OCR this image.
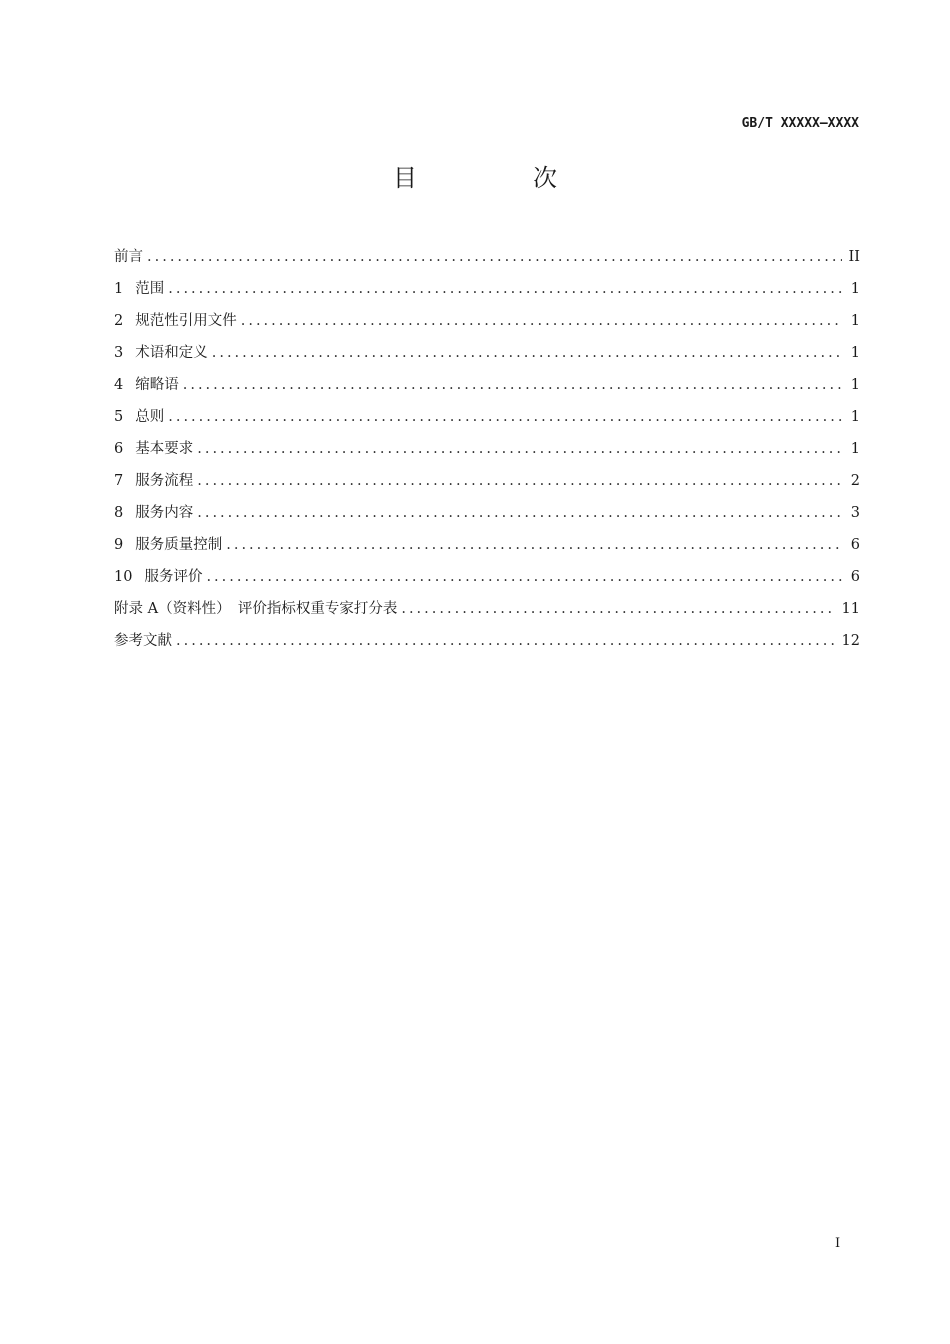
GB/T XXXXX—XXXX
目　次
前言 .....	II
1 范围 .....	1
2 规范性引用文件 .....	1
3 术语和定义 .....	1
4 缩略语 .....	1
5 总则 .....	1
6 基本要求 .....	1
7 服务流程 .....	2
8 服务内容 .....	3
9 服务质量控制 .....	6
10 服务评价 .....	6
附录 A（资料性）　评价指标权重专家打分表 .....	11
参考文献 .....	12
I
